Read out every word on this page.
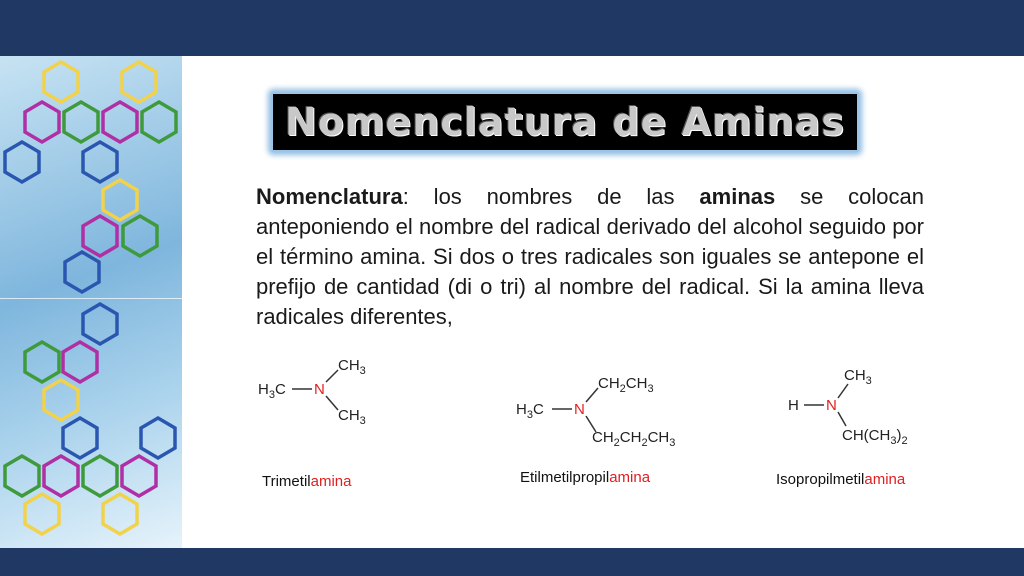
Nomenclatura de Aminas
Nomenclatura: los nombres de las aminas se colocan anteponiendo el nombre del radical derivado del alcohol seguido por el término amina. Si dos o tres radicales son iguales se antepone el prefijo de cantidad (di o tri) al nombre del radical. Si la amina lleva radicales diferentes,
$H_3C$ N
$CH_3$
$CH_3$
Trimetilamina
$H_3C$ N
$CH_2CH_3$
$CH_2CH_2CH_3$
Etilmetilpropilamina
H N
$CH_3$
$CH(CH_3)_2$
Isopropilmetilamina
